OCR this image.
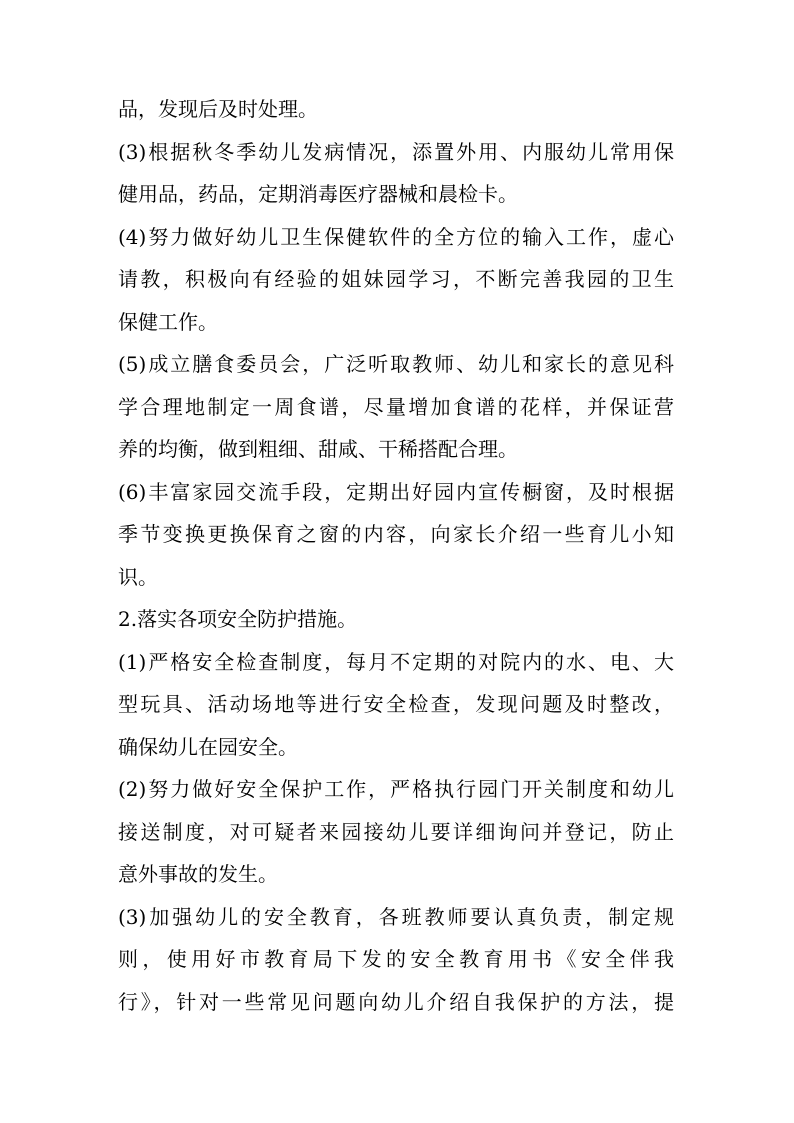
品，发现后及时处理。
(3)根据秋冬季幼儿发病情况，添置外用、内服幼儿常用保
健用品，药品，定期消毒医疗器械和晨检卡。
(4)努力做好幼儿卫生保健软件的全方位的输入工作，虚心
请教，积极向有经验的姐妹园学习，不断完善我园的卫生
保健工作。
(5)成立膳食委员会，广泛听取教师、幼儿和家长的意见科
学合理地制定一周食谱，尽量增加食谱的花样，并保证营
养的均衡，做到粗细、甜咸、干稀搭配合理。
(6)丰富家园交流手段，定期出好园内宣传橱窗，及时根据
季节变换更换保育之窗的内容，向家长介绍一些育儿小知
识。
2.落实各项安全防护措施。
(1)严格安全检查制度，每月不定期的对院内的水、电、大
型玩具、活动场地等进行安全检查，发现问题及时整改，
确保幼儿在园安全。
(2)努力做好安全保护工作，严格执行园门开关制度和幼儿
接送制度，对可疑者来园接幼儿要详细询问并登记，防止
意外事故的发生。
(3)加强幼儿的安全教育，各班教师要认真负责，制定规
则，使用好市教育局下发的安全教育用书《安全伴我
行》，针对一些常见问题向幼儿介绍自我保护的方法，提
